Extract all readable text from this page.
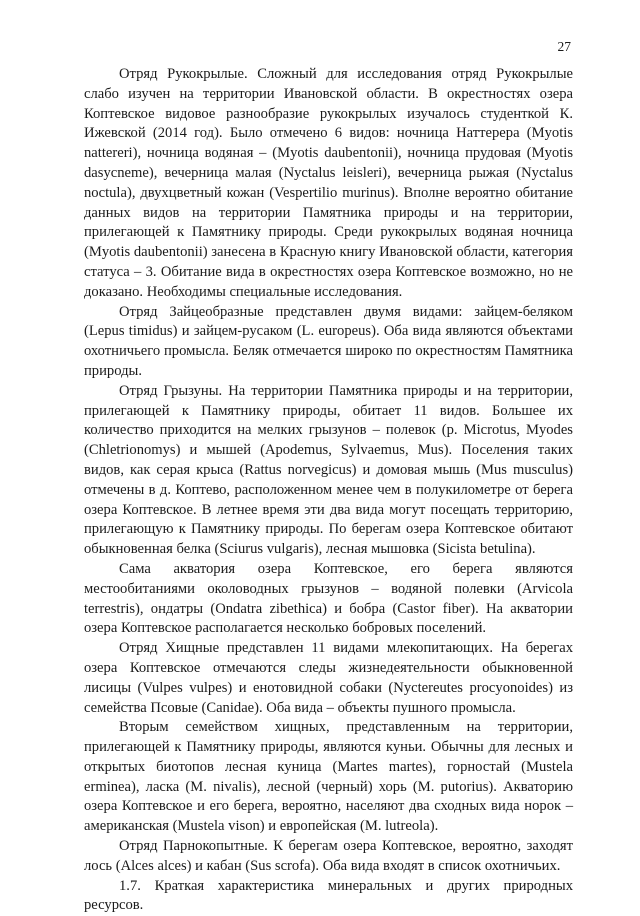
27

Отряд Рукокрылые. Сложный для исследования отряд Рукокрылые слабо изучен на территории Ивановской области. В окрестностях озера Коптевское видовое разнообразие рукокрылых изучалось студенткой К. Ижевской (2014 год). Было отмечено 6 видов: ночница Наттерера (Myotis nattereri), ночница водяная – (Myotis daubentonii), ночница прудовая (Myotis dasycneme), вечерница малая (Nyctalus leisleri), вечерница рыжая (Nyctalus noctula), двухцветный кожан (Vespertilio murinus). Вполне вероятно обитание данных видов на территории Памятника природы и на территории, прилегающей к Памятнику природы. Среди рукокрылых водяная ночница (Myotis daubentonii) занесена в Красную книгу Ивановской области, категория статуса – 3. Обитание вида в окрестностях озера Коптевское возможно, но не доказано. Необходимы специальные исследования.

Отряд Зайцеобразные представлен двумя видами: зайцем-беляком (Lepus timidus) и зайцем-русаком (L. europeus). Оба вида являются объектами охотничьего промысла. Беляк отмечается широко по окрестностям Памятника природы.

Отряд Грызуны. На территории Памятника природы и на территории, прилегающей к Памятнику природы, обитает 11 видов. Большее их количество приходится на мелких грызунов – полевок (р. Microtus, Myodes (Chletrionomys) и мышей (Apodemus, Sylvaemus, Mus). Поселения таких видов, как серая крыса (Rattus norvegicus) и домовая мышь (Mus musculus) отмечены в д. Коптево, расположенном менее чем в полукилометре от берега озера Коптевское. В летнее время эти два вида могут посещать территорию, прилегающую к Памятнику природы. По берегам озера Коптевское обитают обыкновенная белка (Sciurus vulgaris), лесная мышовка (Sicista betulina).

Сама акватория озера Коптевское, его берега являются местообитаниями околоводных грызунов – водяной полевки (Arvicola terrestris), ондатры (Ondatra zibethica) и бобра (Castor fiber). На акватории озера Коптевское располагается несколько бобровых поселений.

Отряд Хищные представлен 11 видами млекопитающих. На берегах озера Коптевское отмечаются следы жизнедеятельности обыкновенной лисицы (Vulpes vulpes) и енотовидной собаки (Nyctereutes procyonoides) из семейства Псовые (Canidae). Оба вида – объекты пушного промысла.

Вторым семейством хищных, представленным на территории, прилегающей к Памятнику природы, являются куньи. Обычны для лесных и открытых биотопов лесная куница (Martes martes), горностай (Mustela erminea), ласка (M. nivalis), лесной (черный) хорь (M. putorius). Акваторию озера Коптевское и его берега, вероятно, населяют два сходных вида норок – американская (Mustela vison) и европейская (M. lutreola).

Отряд Парнокопытные. К берегам озера Коптевское, вероятно, заходят лось (Alces alces) и кабан (Sus scrofa). Оба вида входят в список охотничьих.

1.7. Краткая характеристика минеральных и других природных ресурсов.
